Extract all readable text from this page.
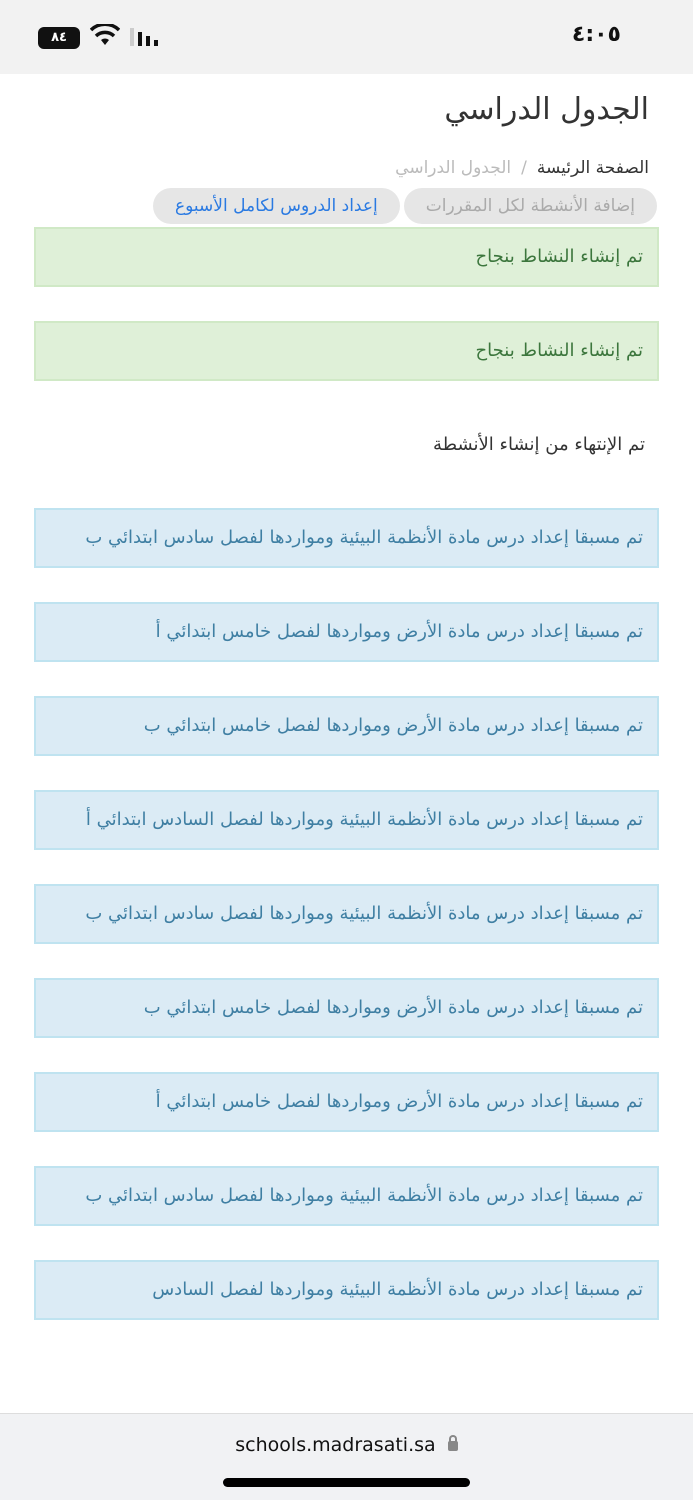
٨٤	٤:٠٥
الجدول الدراسي
الصفحة الرئيسة/الجدول الدراسي
إضافة الأنشطة لكل المقررات
إعداد الدروس لكامل الأسبوع
تم إنشاء النشاط بنجاح
تم إنشاء النشاط بنجاح
تم الإنتهاء من إنشاء الأنشطة
تم مسبقا إعداد درس مادة الأنظمة البيئية ومواردها لفصل سادس ابتدائي ب
تم مسبقا إعداد درس مادة الأرض ومواردها لفصل خامس ابتدائي أ
تم مسبقا إعداد درس مادة الأرض ومواردها لفصل خامس ابتدائي ب
تم مسبقا إعداد درس مادة الأنظمة البيئية ومواردها لفصل السادس ابتدائي أ
تم مسبقا إعداد درس مادة الأنظمة البيئية ومواردها لفصل سادس ابتدائي ب
تم مسبقا إعداد درس مادة الأرض ومواردها لفصل خامس ابتدائي ب
تم مسبقا إعداد درس مادة الأرض ومواردها لفصل خامس ابتدائي أ
تم مسبقا إعداد درس مادة الأنظمة البيئية ومواردها لفصل سادس ابتدائي ب
تم مسبقا إعداد درس مادة الأنظمة البيئية ومواردها لفصل السادس
schools.madrasati.sa
